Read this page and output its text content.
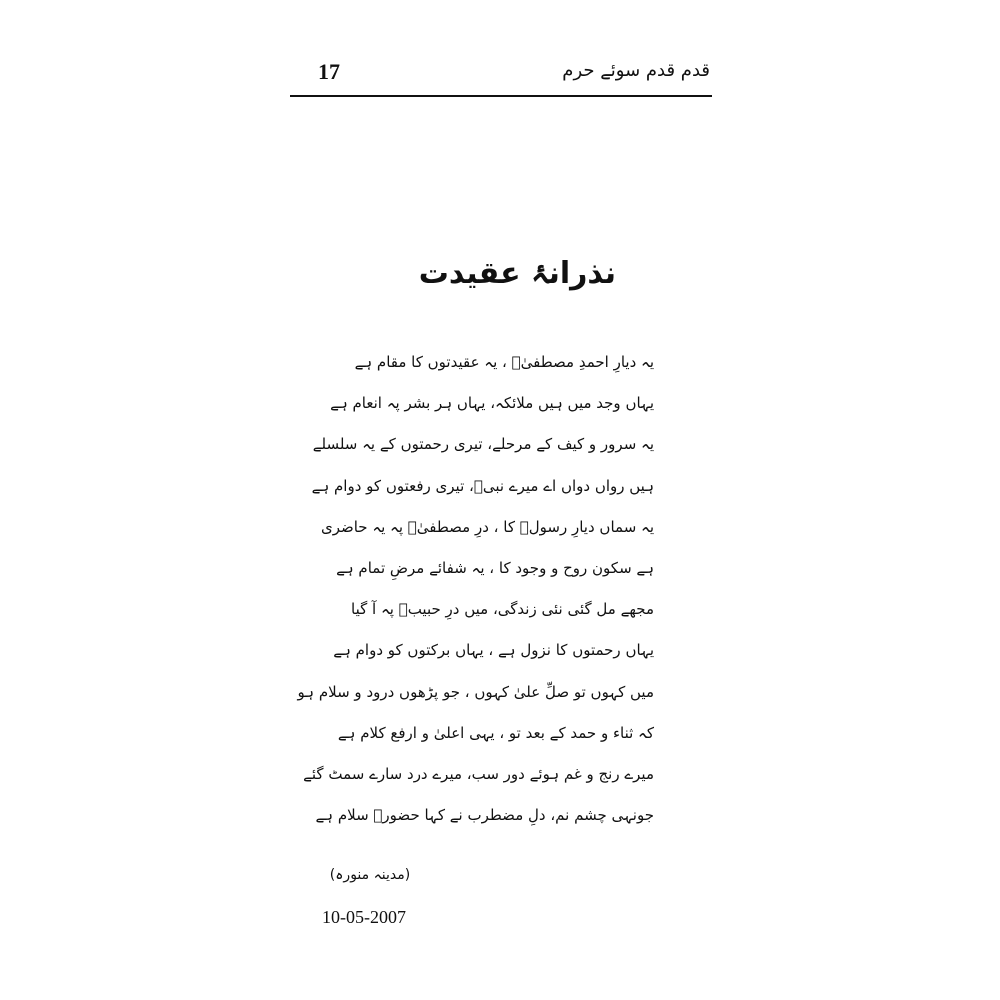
17	قدم قدم سوئے حرم
نذرانۂ عقیدت
یہ دیارِ احمدِ مصطفیٰؐ ، یہ عقیدتوں کا مقام ہے
یہاں وجد میں ہیں ملائکہ، یہاں ہر بشر پہ انعام ہے
یہ سرور و کیف کے مرحلے، تیری رحمتوں کے یہ سلسلے
ہیں رواں دواں اے میرے نبیؐ، تیری رفعتوں کو دوام ہے
یہ سماں دیارِ رسولؐ کا ، درِ مصطفیٰؐ پہ یہ حاضری
ہے سکون روح و وجود کا ، یہ شفائے مرضِ تمام ہے
مجھے مل گئی نئی زندگی، میں درِ حبیبؐ پہ آ گیا
یہاں رحمتوں کا نزول ہے ، یہاں برکتوں کو دوام ہے
میں کہوں تو صلِّ علیٰ کہوں ، جو پڑھوں درود و سلام ہو
کہ ثناء و حمد کے بعد تو ، یہی اعلیٰ و ارفع کلام ہے
میرے رنج و غم ہوئے دور سب، میرے درد سارے سمٹ گئے
جونہی چشم نم، دلِ مضطرب نے کہا حضورؐ سلام ہے
(مدینہ منورہ)
10-05-2007
